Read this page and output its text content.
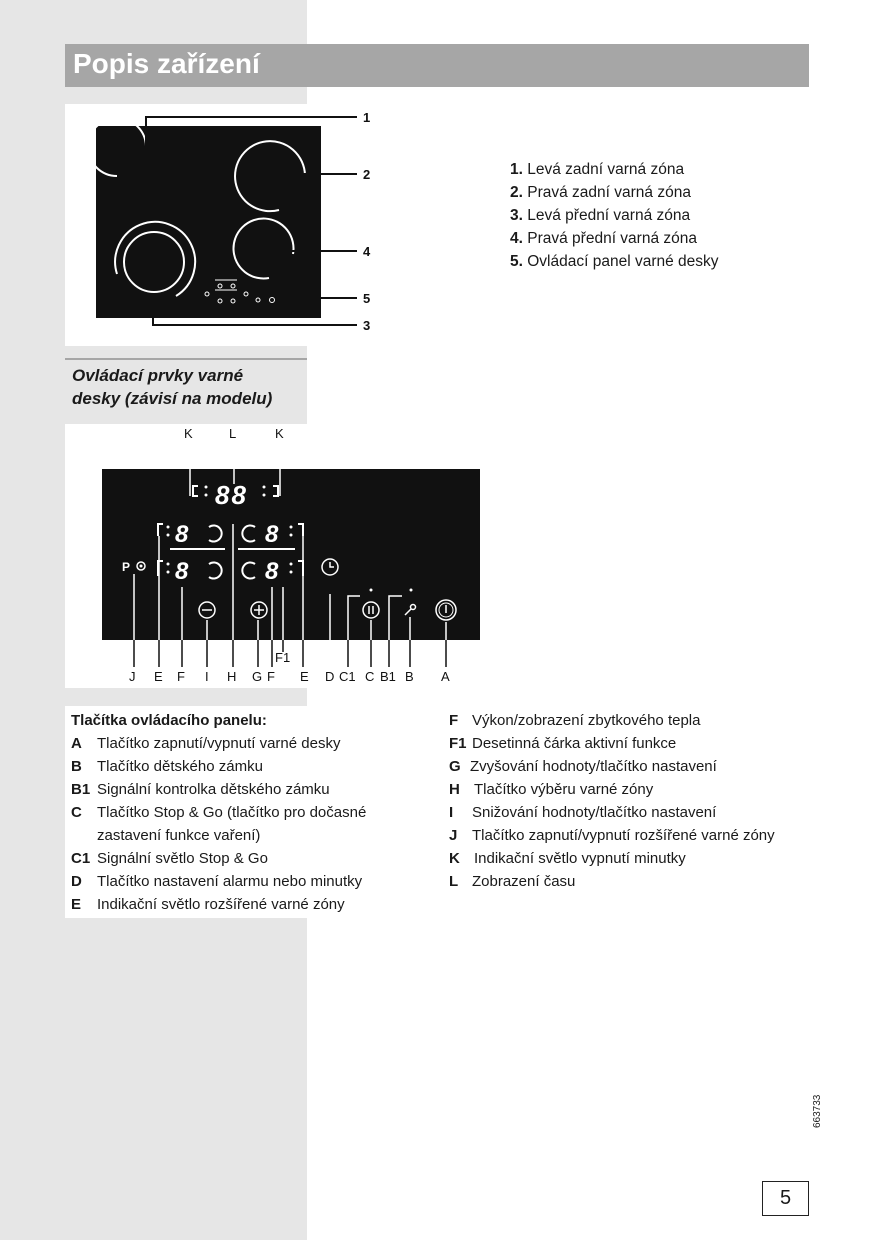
Popis zařízení
1
2
4
5
3
1. Levá zadní varná zóna
2. Pravá zadní varná zóna
3. Levá přední varná zóna
4. Pravá přední varná zóna
5. Ovládací panel varné desky
Ovládací prvky varné
desky (závisí na modelu)
K	L	K
88
8
8
8
8
P
F1
J E F I H G F E D C1 C B1 B A
Tlačítka ovládacího panelu:
A	Tlačítko zapnutí/vypnutí varné desky
B	Tlačítko dětského zámku
B1 Signální kontrolka dětského zámku
C	Tlačítko Stop & Go (tlačítko pro dočasné
zastavení funkce vaření)
C1 Signální světlo Stop & Go
D	Tlačítko nastavení alarmu nebo minutky
E	Indikační světlo rozšířené varné zóny
F Výkon/zobrazení zbytkového tepla
F1 Desetinná čárka aktivní funkce
G Zvyšování hodnoty/tlačítko nastavení
H Tlačítko výběru varné zóny
I	Snižování hodnoty/tlačítko nastavení
J Tlačítko zapnutí/vypnutí rozšířené varné zóny
K Indikační světlo vypnutí minutky
L Zobrazení času
663733
5
